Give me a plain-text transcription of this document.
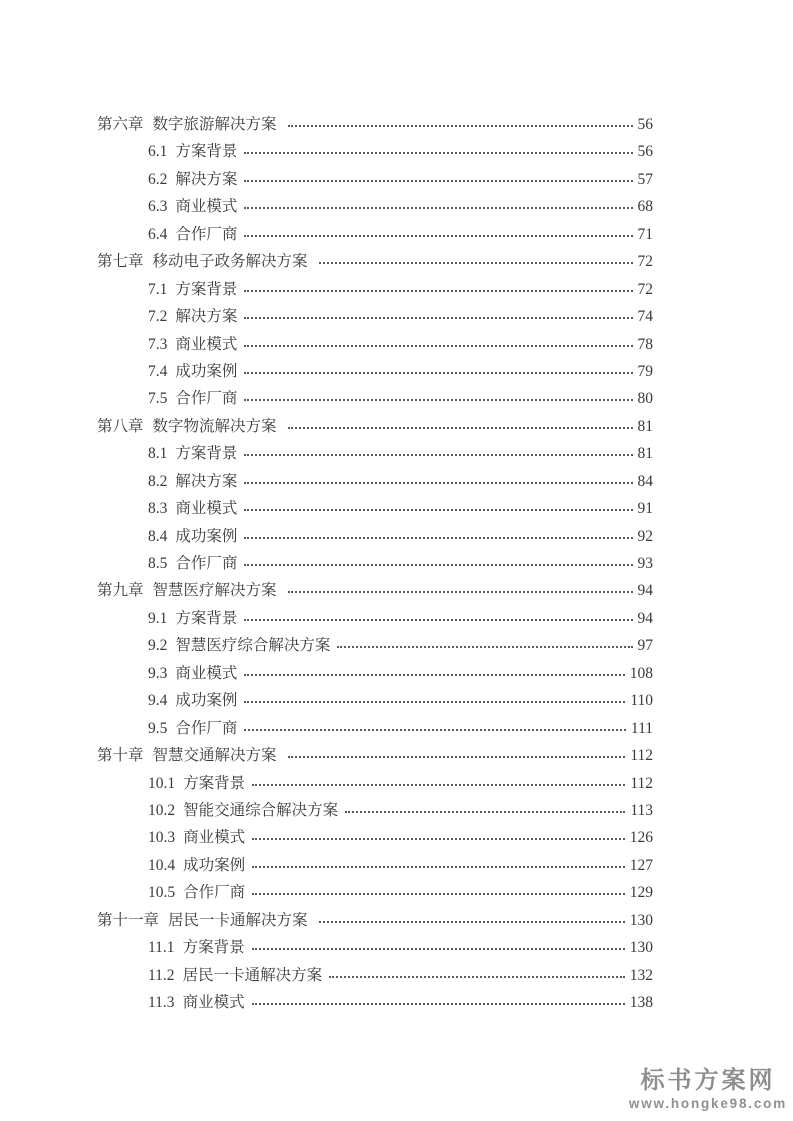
第六章 数字旅游解决方案	56
6.1 方案背景	56
6.2 解决方案	57
6.3 商业模式	68
6.4 合作厂商	71
第七章 移动电子政务解决方案	72
7.1 方案背景	72
7.2 解决方案	74
7.3 商业模式	78
7.4 成功案例	79
7.5 合作厂商	80
第八章 数字物流解决方案	81
8.1 方案背景	81
8.2 解决方案	84
8.3 商业模式	91
8.4 成功案例	92
8.5 合作厂商	93
第九章 智慧医疗解决方案	94
9.1 方案背景	94
9.2 智慧医疗综合解决方案	97
9.3 商业模式	108
9.4 成功案例	110
9.5 合作厂商	111
第十章 智慧交通解决方案	112
10.1 方案背景	112
10.2 智能交通综合解决方案	113
10.3 商业模式	126
10.4 成功案例	127
10.5 合作厂商	129
第十一章 居民一卡通解决方案	130
11.1 方案背景	130
11.2 居民一卡通解决方案	132
11.3 商业模式	138
标书方案网
www.hongke98.com
